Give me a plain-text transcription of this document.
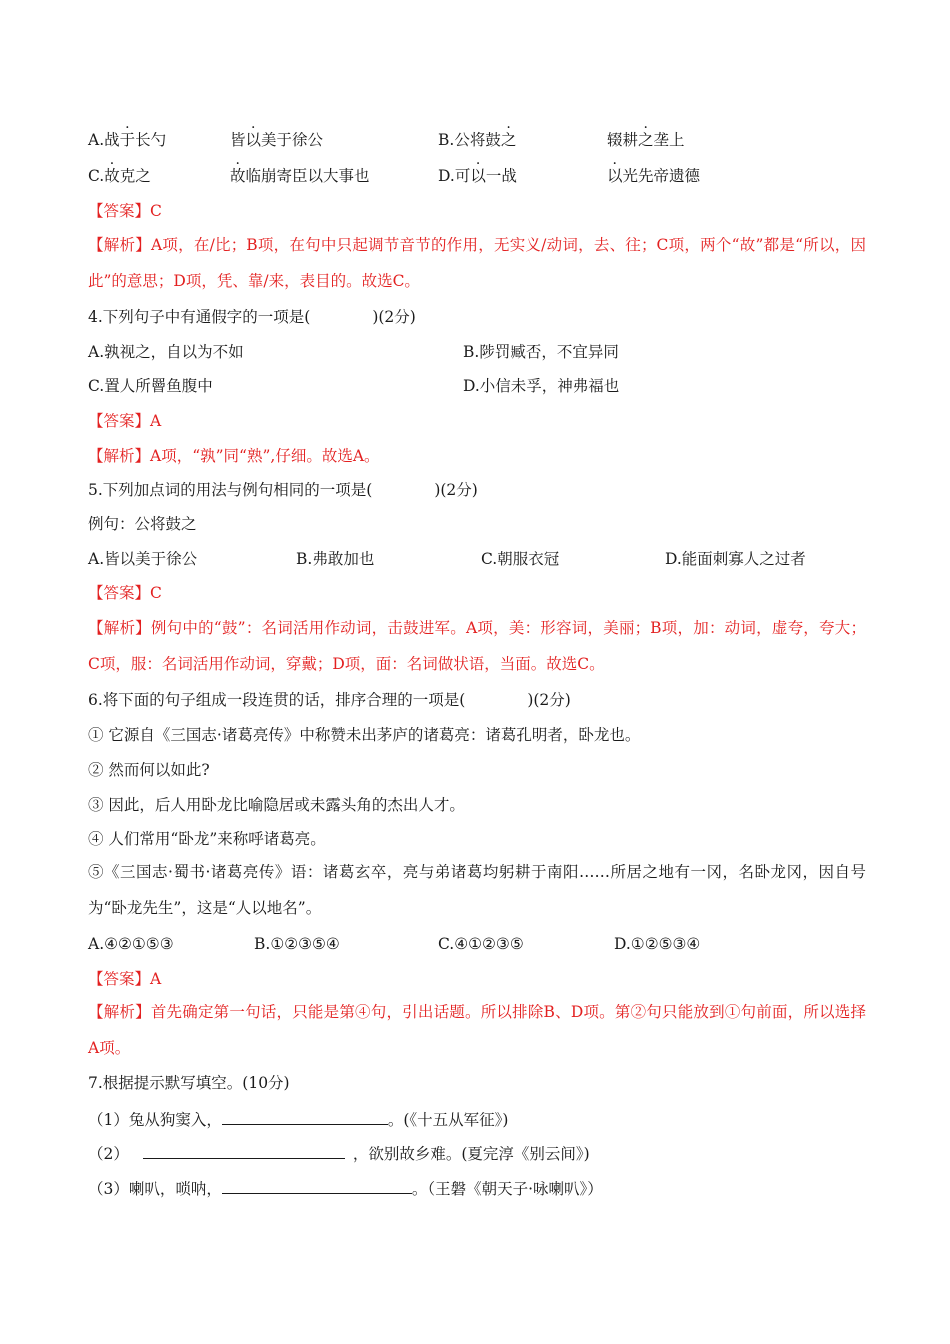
A.战于长勺	皆以美于徐公	B.公将鼓之	辍耕之垄上
C.故克之	故临崩寄臣以大事也	D.可以一战	以光先帝遗德
【答案】C
【解析】A项，在/比；B项，在句中只起调节音节的作用，无实义/动词，去、往；C项，两个“故”都是“所以，因此”的意思；D项，凭、靠/来，表目的。故选C。
4.下列句子中有通假字的一项是(　　　　)(2分)
A.孰视之，自以为不如	B.陟罚臧否，不宜异同
C.置人所罾鱼腹中	D.小信未孚，神弗福也
【答案】A
【解析】A项，“孰”同“熟”,仔细。故选A。
5.下列加点词的用法与例句相同的一项是(　　　　)(2分)
例句：公将鼓之
A.皆以美于徐公	B.弗敢加也	C.朝服衣冠	D.能面刺寡人之过者
【答案】C
【解析】例句中的“鼓”：名词活用作动词，击鼓进军。A项，美：形容词，美丽；B项，加：动词，虚夸，夸大；C项，服：名词活用作动词，穿戴；D项，面：名词做状语，当面。故选C。
6.将下面的句子组成一段连贯的话，排序合理的一项是(　　　　)(2分)
① 它源自《三国志·诸葛亮传》中称赞未出茅庐的诸葛亮：诸葛孔明者，卧龙也。
② 然而何以如此?
③ 因此，后人用卧龙比喻隐居或未露头角的杰出人才。
④ 人们常用“卧龙”来称呼诸葛亮。
⑤《三国志·蜀书·诸葛亮传》语：诸葛玄卒，亮与弟诸葛均躬耕于南阳……所居之地有一冈，名卧龙冈，因自号为“卧龙先生”，这是“人以地名”。
A.④②①⑤③	B.①②③⑤④	C.④①②③⑤	D.①②⑤③④
【答案】A
【解析】首先确定第一句话，只能是第④句，引出话题。所以排除B、D项。第②句只能放到①句前面，所以选择A项。
7.根据提示默写填空。(10分)
（1）兔从狗窦入，	。(《十五从军征》)
（2）	，欲别故乡难。(夏完淳《别云间》)
（3）喇叭，唢呐，	。（王磐《朝天子·咏喇叭》）
